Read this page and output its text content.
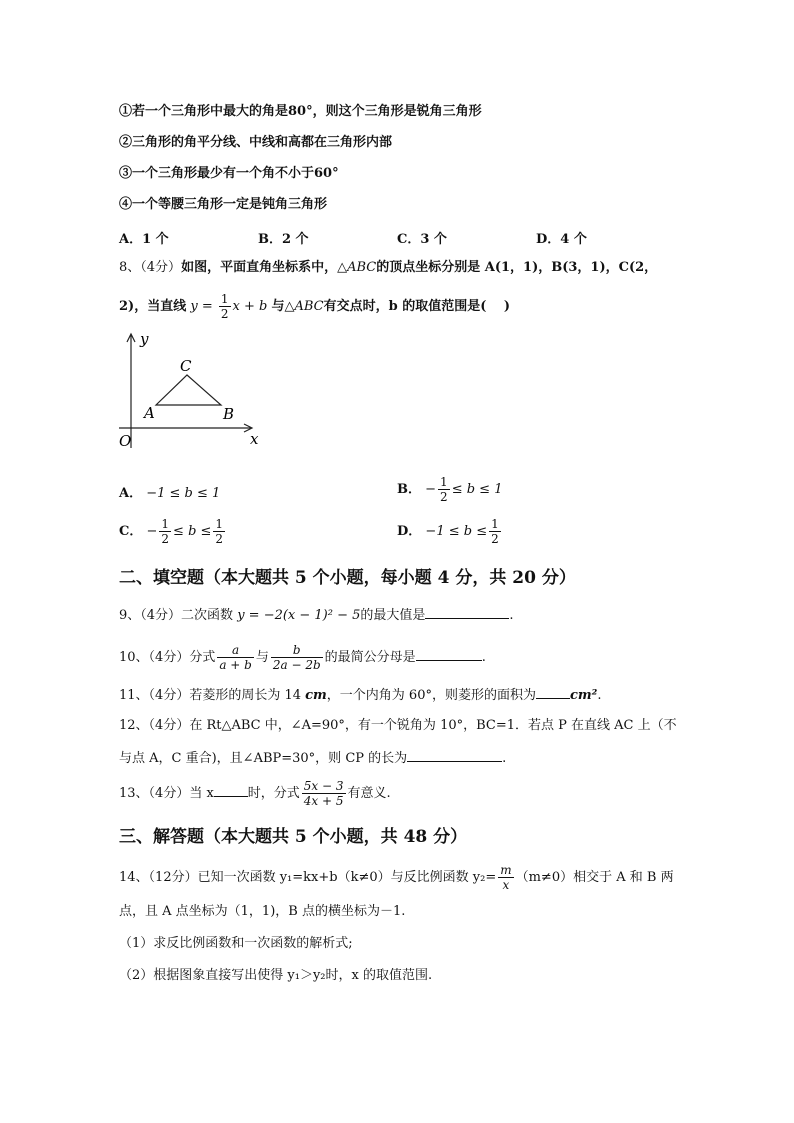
①若一个三角形中最大的角是80°，则这个三角形是锐角三角形
②三角形的角平分线、中线和高都在三角形内部
③一个三角形最少有一个角不小于60°
④一个等腰三角形一定是钝角三角形
A．1 个	B．2 个	C．3 个	D．4 个
8、（4分）如图，平面直角坐标系中，△ABC的顶点坐标分别是 A(1，1)，B(3，1)，C(2，
2)，当直线 $y = \frac{1}{2}$ x + b 与△ABC有交点时，b 的取值范围是(　 )
y
x
O
A	B
C
A． −1 ≤ b ≤ 1	B． − $\frac{1}{2} \le b \le 1$
C． − $\frac{1}{2} \le b \le \frac{1}{2}$	D． $-1 \le b \le \frac{1}{2}$
二、填空题（本大题共 5 个小题，每小题 4 分，共 20 分）
9、（4分）二次函数 y = −2(x − 1)² − 5的最大值是	.
10、（4分）分式 $\frac{a}{a + b}$ 与 $\frac{b}{2a - 2b}$ 的最简公分母是	.
11、（4分）若菱形的周长为 14 cm，一个内角为 60°，则菱形的面积为	cm².
12、（4分）在 Rt△ABC 中，∠A=90°，有一个锐角为 10°，BC=1．若点 P 在直线 AC 上（不
与点 A，C 重合)，且∠ABP=30°，则 CP 的长为	.
13、（4分）当 x	时，分式 $\frac{5x - 3}{4x + 5}$ 有意义.
三、解答题（本大题共 5 个小题，共 48 分）
14、（12分）已知一次函数 y₁=kx+b（k≠0）与反比例函数 $y_2= \frac{m}{x} (m\ne 0)$相交于 A 和 B 两
点，且 A 点坐标为（1，1)，B 点的横坐标为－1.
（1）求反比例函数和一次函数的解析式;
（2）根据图象直接写出使得 y₁＞y₂时，x 的取值范围.
